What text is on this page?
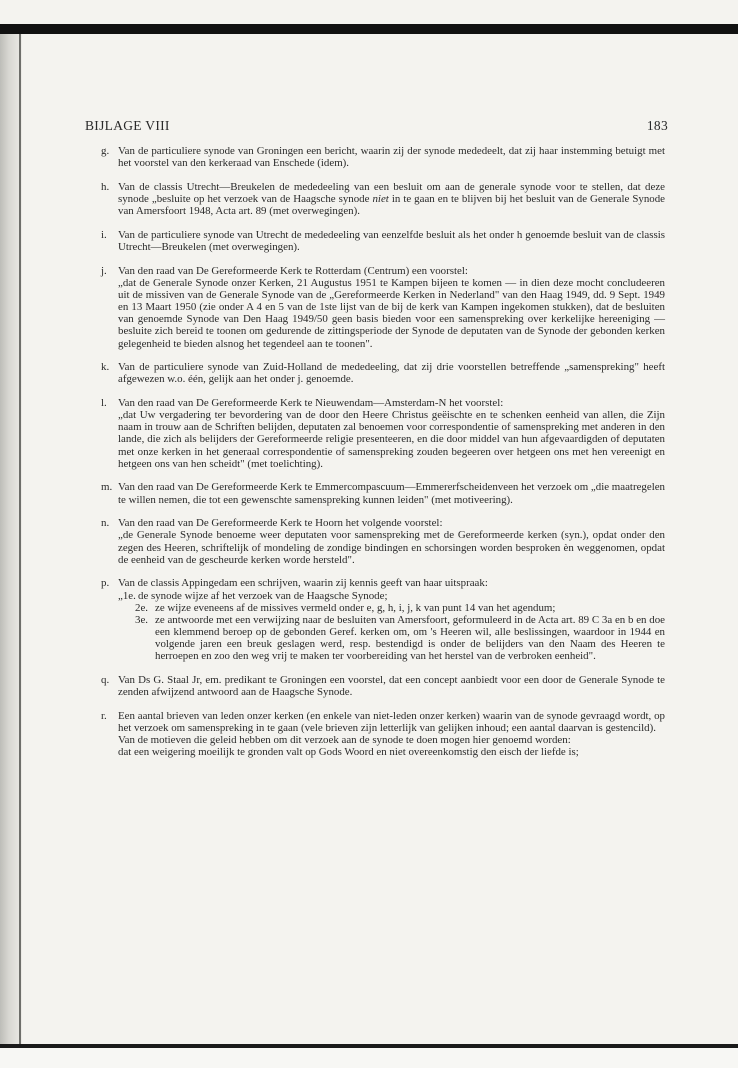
BIJLAGE VIII	183
g. Van de particuliere synode van Groningen een bericht, waarin zij der synode mededeelt, dat zij haar instemming betuigt met het voorstel van den kerkeraad van Enschede (idem).

h. Van de classis Utrecht—Breukelen de mededeeling van een besluit om aan de generale synode voor te stellen, dat deze synode „besluite op het verzoek van de Haagsche synode niet in te gaan en te blijven bij het besluit van de Generale Synode van Amersfoort 1948, Acta art. 89 (met overwegingen).

i. Van de particuliere synode van Utrecht de mededeeling van eenzelfde besluit als het onder h genoemde besluit van de classis Utrecht—Breukelen (met overwegingen).

j. Van den raad van De Gereformeerde Kerk te Rotterdam (Centrum) een voorstel:
„dat de Generale Synode onzer Kerken, 21 Augustus 1951 te Kampen bijeen te komen — in dien deze mocht concludeeren uit de missiven van de Generale Synode van de „Gereformeerde Kerken in Nederland" van den Haag 1949, dd. 9 Sept. 1949 en 13 Maart 1950 (zie onder A 4 en 5 van de 1ste lijst van de bij de kerk van Kampen ingekomen stukken), dat de besluiten van genoemde Synode van Den Haag 1949/50 geen basis bieden voor een samenspreking over kerkelijke hereeniging — besluite zich bereid te toonen om gedurende de zittingsperiode der Synode de deputaten van de Synode der gebonden kerken gelegenheid te bieden alsnog het tegendeel aan te toonen".

k. Van de particuliere synode van Zuid-Holland de mededeeling, dat zij drie voorstellen betreffende „samenspreking" heeft afgewezen w.o. één, gelijk aan het onder j. genoemde.

l. Van den raad van De Gereformeerde Kerk te Nieuwendam—Amsterdam-N het voorstel:
„dat Uw vergadering ter bevordering van de door den Heere Christus geëischte en te schenken eenheid van allen, die Zijn naam in trouw aan de Schriften belijden, deputaten zal benoemen voor correspondentie of samenspreking met anderen in den lande, die zich als belijders der Gereformeerde religie presenteeren, en die door middel van hun afgevaardigden of deputaten met onze kerken in het generaal correspondentie of samenspreking zouden begeeren over hetgeen ons met hen vereenigt en hetgeen ons van hen scheidt" (met toelichting).

m. Van den raad van De Gereformeerde Kerk te Emmercompascuum—Emmererfscheidenveen het verzoek om „die maatregelen te willen nemen, die tot een gewenschte samenspreking kunnen leiden" (met motiveering).

n. Van den raad van De Gereformeerde Kerk te Hoorn het volgende voorstel:
„de Generale Synode benoeme weer deputaten voor samenspreking met de Gereformeerde kerken (syn.), opdat onder den zegen des Heeren, schriftelijk of mondeling de zondige bindingen en schorsingen worden besproken èn weggenomen, opdat de eenheid van de gescheurde kerken worde hersteld".

p. Van de classis Appingedam een schrijven, waarin zij kennis geeft van haar uitspraak:

„1e. de synode wijze af het verzoek van de Haagsche Synode;
2e. ze wijze eveneens af de missives vermeld onder e, g, h, i, j, k van punt 14 van het agendum;
3e. ze antwoorde met een verwijzing naar de besluiten van Amersfoort, geformuleerd in de Acta art. 89 C 3a en b en doe een klemmend beroep op de gebonden Geref. kerken om, om 's Heeren wil, alle beslissingen, waardoor in 1944 en volgende jaren een breuk geslagen werd, resp. bestendigd is onder de belijders van den Naam des Heeren te herroepen en zoo den weg vrij te maken ter voorbereiding van het herstel van de verbroken eenheid".
q. Van Ds G. Staal Jr, em. predikant te Groningen een voorstel, dat een concept aanbiedt voor een door de Generale Synode te zenden afwijzend antwoord aan de Haagsche Synode.

r. Een aantal brieven van leden onzer kerken (en enkele van niet-leden onzer kerken) waarin van de synode gevraagd wordt, op het verzoek om samenspreking in te gaan (vele brieven zijn letterlijk van gelijken inhoud; een aantal daarvan is gestencild).
Van de motieven die geleid hebben om dit verzoek aan de synode te doen mogen hier genoemd worden:
dat een weigering moeilijk te gronden valt op Gods Woord en niet overeenkomstig den eisch der liefde is;
